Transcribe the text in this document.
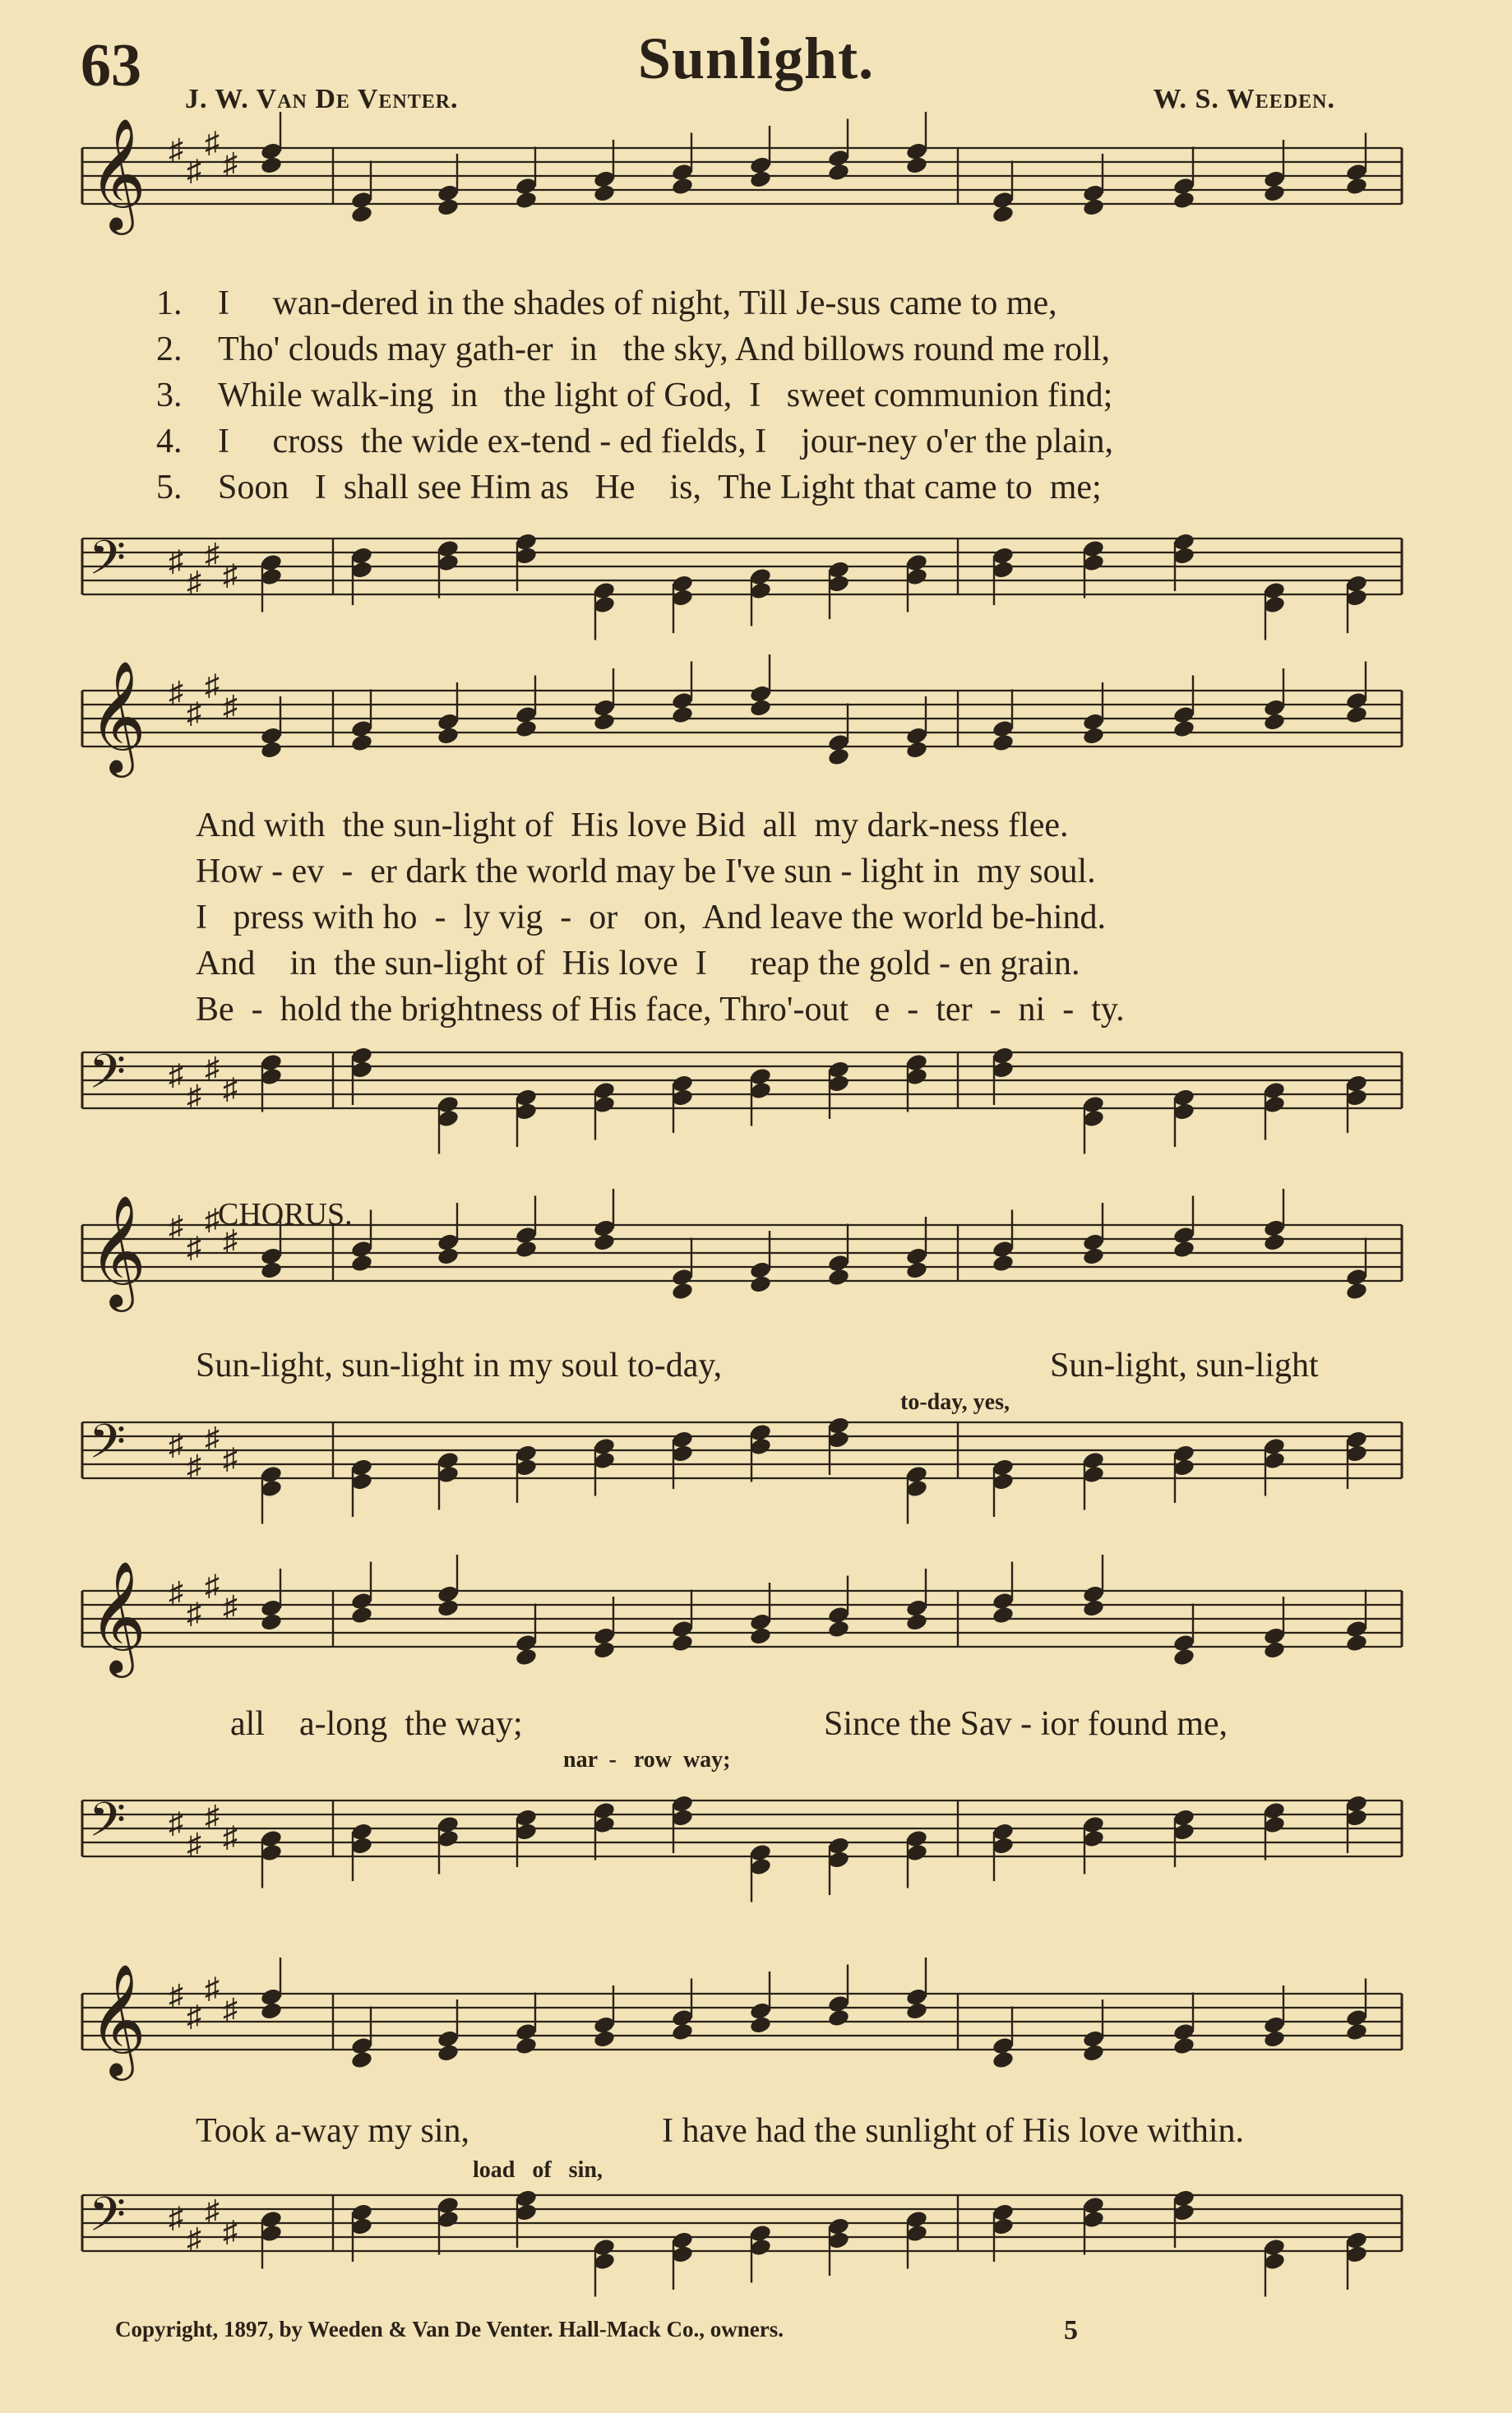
63	Sunlight.
J. W. Van De Venter.	W. S. Weeden.
𝄞 ♯
♯
♯
♯
1.
2.
3.
4.
5.
I     wan-dered in the shades of night, Till Je-sus came to me,
Tho' clouds may gath-er  in   the sky, And billows round me roll,
While walk-ing  in   the light of God,  I   sweet communion find;
I     cross  the wide ex-tend - ed fields, I    jour-ney o'er the plain,
Soon   I  shall see Him as   He    is,  The Light that came to  me;
𝄢 ♯
♯
♯
♯
𝄞 ♯
♯
♯
♯
And with  the sun-light of  His love Bid  all  my dark-ness flee.
How - ev  -  er dark the world may be I've sun - light in  my soul.
I   press with ho  -  ly vig  -  or   on,  And leave the world be-hind.
And    in  the sun-light of  His love  I     reap the gold - en grain.
Be  -  hold the brightness of His face, Thro'-out   e  -  ter  -  ni  -  ty.
𝄢 ♯
♯
♯
♯
CHORUS.
𝄞 ♯
♯
♯
♯
Sun-light, sun-light in my soul to-day,	Sun-light, sun-light
to-day, yes,
𝄢 ♯
♯
♯
♯
𝄞 ♯
♯
♯
♯
all    a-long  the way;	Since the Sav - ior found me,
nar  -   row  way;
𝄢 ♯
♯
♯
♯
𝄞 ♯
♯
♯
♯
Took a-way my sin,	I have had the sunlight of His love within.
load   of   sin,
𝄢 ♯
♯
♯
♯
Copyright, 1897, by Weeden & Van De Venter. Hall-Mack Co., owners.	5
